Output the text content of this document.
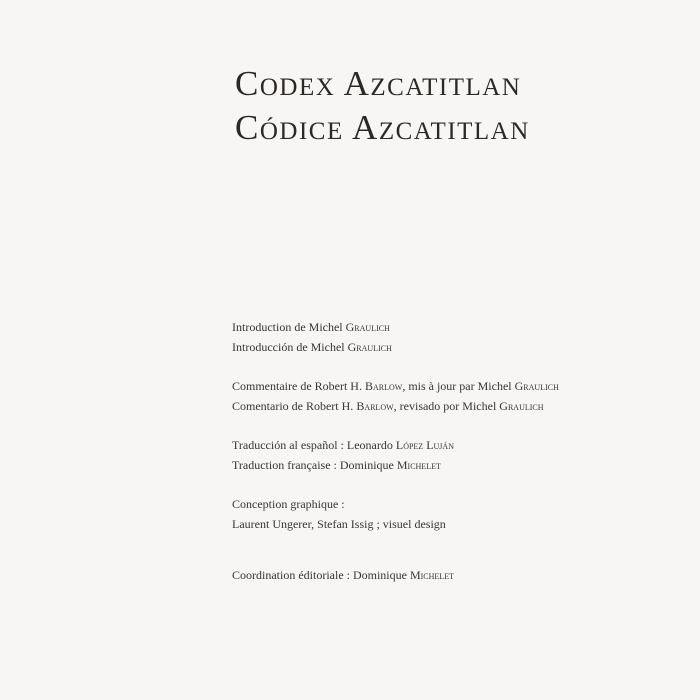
Codex Azcatitlan
Códice Azcatitlan
Introduction de Michel Graulich
Introducción de Michel Graulich
Commentaire de Robert H. Barlow, mis à jour par Michel Graulich
Comentario de Robert H. Barlow, revisado por Michel Graulich
Traducción al español : Leonardo López Luján
Traduction française : Dominique Michelet
Conception graphique :
Laurent Ungerer, Stefan Issig ; visuel design
Coordination éditoriale : Dominique Michelet
